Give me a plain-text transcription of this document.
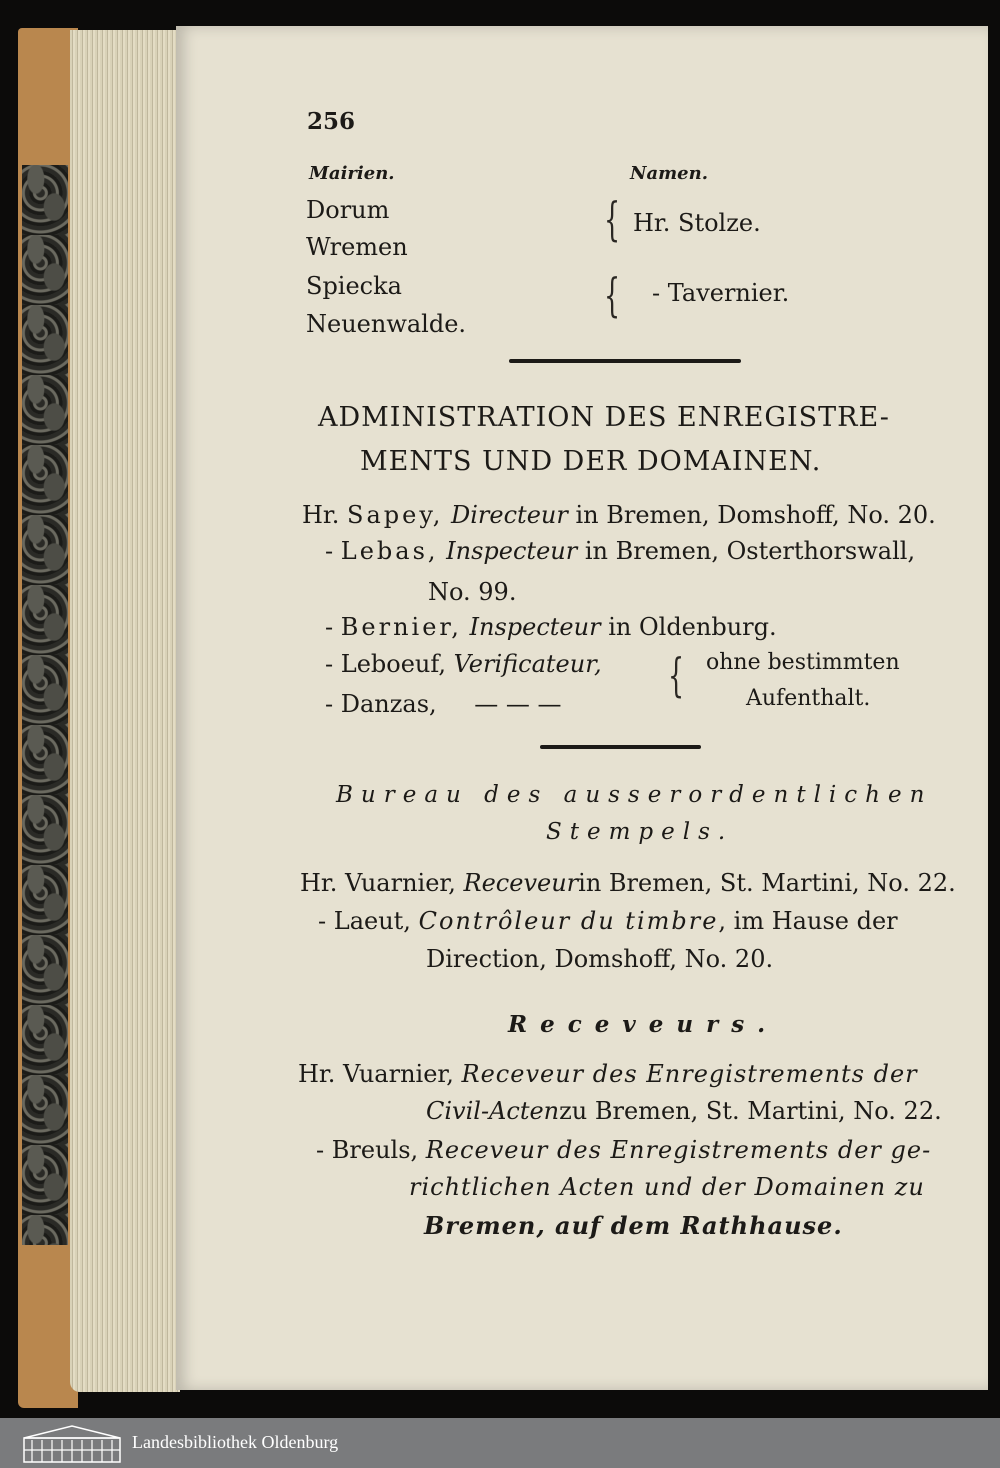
256
Mairien.	Namen.
Dorum
Wremen
Spiecka
Neuenwalde.
{
{
Hr. Stolze.
- Tavernier.
ADMINISTRATION DES ENREGISTRE-
MENTS UND DER DOMAINEN.
Hr. Sapey, Directeur in Bremen, Domshoff, No. 20.
- Lebas, Inspecteur in Bremen, Osterthorswall,
No. 99.
- Bernier, Inspecteur in Oldenburg.
- Leboeuf, Verificateur,
- Danzas, — — —
{ ohne bestimmten
Aufenthalt.
Bureau des ausserordentlichen
Stempels.
Hr. Vuarnier, Receveurin Bremen, St. Martini, No. 22.
- Laeut, Contrôleur du timbre, im Hause der
Direction, Domshoff, No. 20.
Receveurs.
Hr. Vuarnier, Receveur des Enregistrements der
Civil-Actenzu Bremen, St. Martini, No. 22.
- Breuls, Receveur des Enregistrements der ge-
richtlichen Acten und der Domainen zu
Bremen, auf dem Rathhause.
Landesbibliothek Oldenburg
